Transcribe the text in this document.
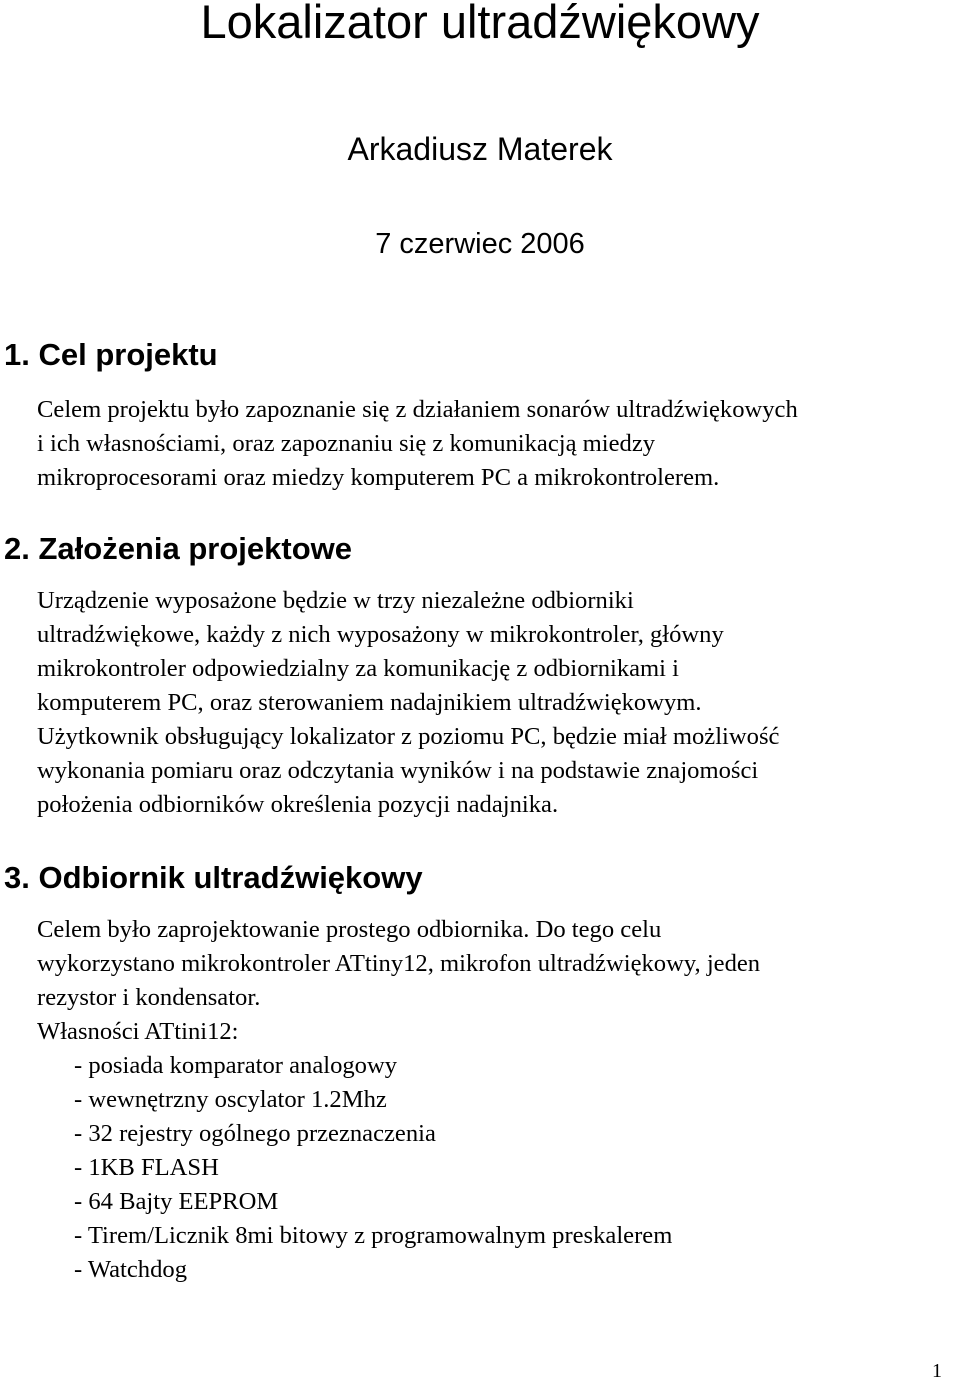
Lokalizator ultradźwiękowy
Arkadiusz Materek
7 czerwiec 2006
1. Cel projektu
Celem projektu było zapoznanie się z działaniem sonarów ultradźwiękowych
i ich własnościami, oraz zapoznaniu się z komunikacją miedzy
mikroprocesorami oraz miedzy komputerem PC a mikrokontrolerem.
2. Założenia projektowe
Urządzenie wyposażone będzie w trzy niezależne odbiorniki
ultradźwiękowe, każdy z nich wyposażony w mikrokontroler, główny
mikrokontroler odpowiedzialny za komunikację z odbiornikami i
komputerem PC, oraz sterowaniem nadajnikiem ultradźwiękowym.
Użytkownik obsługujący lokalizator z poziomu PC, będzie miał możliwość
wykonania pomiaru oraz odczytania wyników i na podstawie znajomości
położenia odbiorników określenia pozycji nadajnika.
3. Odbiornik ultradźwiękowy
Celem było zaprojektowanie prostego odbiornika. Do tego celu
wykorzystano mikrokontroler ATtiny12, mikrofon ultradźwiękowy, jeden
rezystor i kondensator.
Własności ATtini12:
- posiada komparator analogowy
- wewnętrzny oscylator 1.2Mhz
- 32 rejestry ogólnego przeznaczenia
- 1KB FLASH
- 64 Bajty EEPROM
- Tirem/Licznik 8mi bitowy z programowalnym preskalerem
- Watchdog
1
